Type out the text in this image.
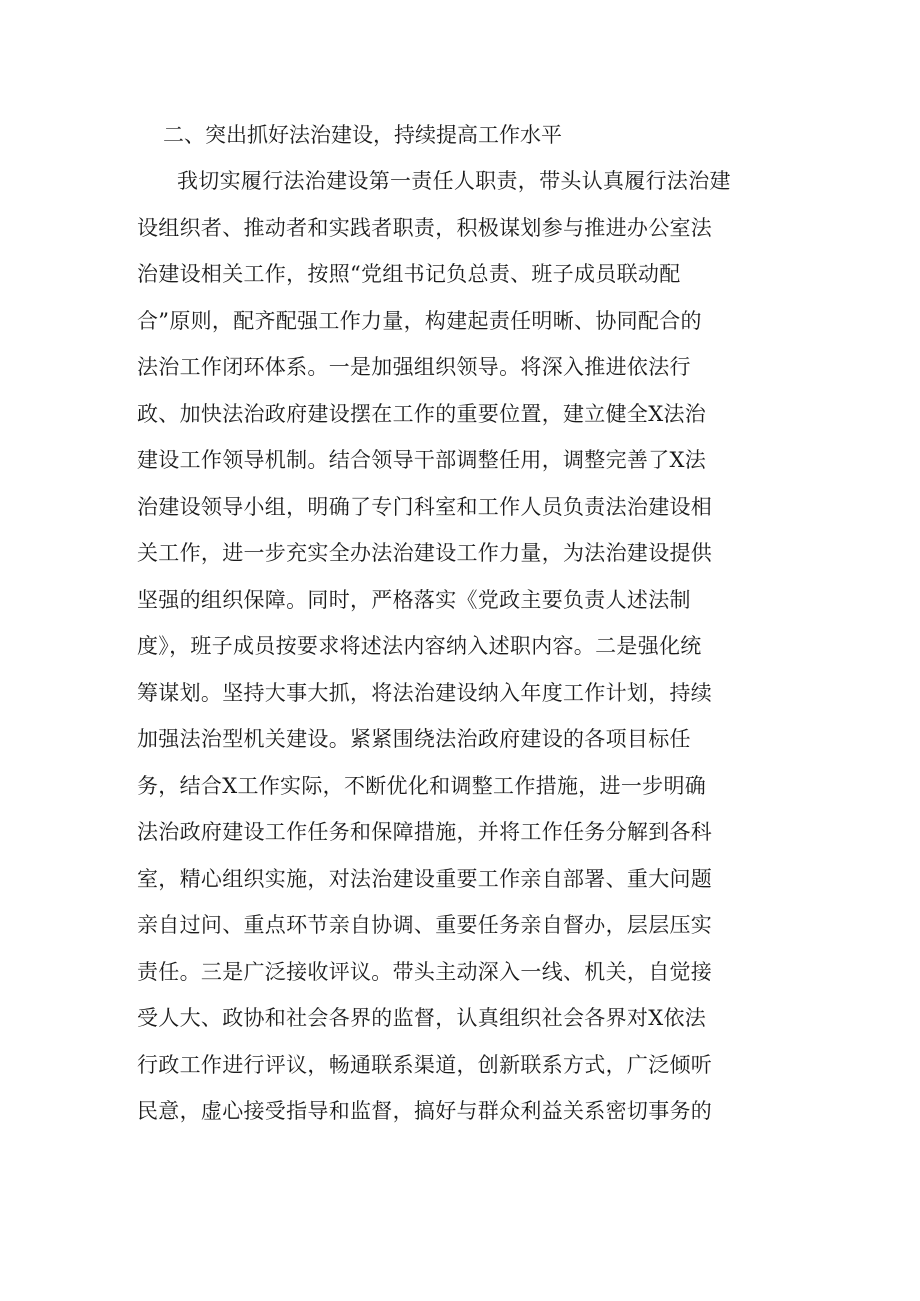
二、突出抓好法治建设，持续提高工作水平

我切实履行法治建设第一责任人职责，带头认真履行法治建

设组织者、推动者和实践者职责，积极谋划参与推进办公室法

治建设相关工作，按照“党组书记负总责、班子成员联动配

合”原则，配齐配强工作力量，构建起责任明晰、协同配合的

法治工作闭环体系。一是加强组织领导。将深入推进依法行

政、加快法治政府建设摆在工作的重要位置，建立健全X法治

建设工作领导机制。结合领导干部调整任用，调整完善了X法

治建设领导小组，明确了专门科室和工作人员负责法治建设相

关工作，进一步充实全办法治建设工作力量，为法治建设提供

坚强的组织保障。同时，严格落实《党政主要负责人述法制

度》，班子成员按要求将述法内容纳入述职内容。二是强化统

筹谋划。坚持大事大抓，将法治建设纳入年度工作计划，持续

加强法治型机关建设。紧紧围绕法治政府建设的各项目标任

务，结合X工作实际，不断优化和调整工作措施，进一步明确

法治政府建设工作任务和保障措施，并将工作任务分解到各科

室，精心组织实施，对法治建设重要工作亲自部署、重大问题

亲自过问、重点环节亲自协调、重要任务亲自督办，层层压实

责任。三是广泛接收评议。带头主动深入一线、机关，自觉接

受人大、政协和社会各界的监督，认真组织社会各界对X依法

行政工作进行评议，畅通联系渠道，创新联系方式，广泛倾听

民意，虚心接受指导和监督，搞好与群众利益关系密切事务的
